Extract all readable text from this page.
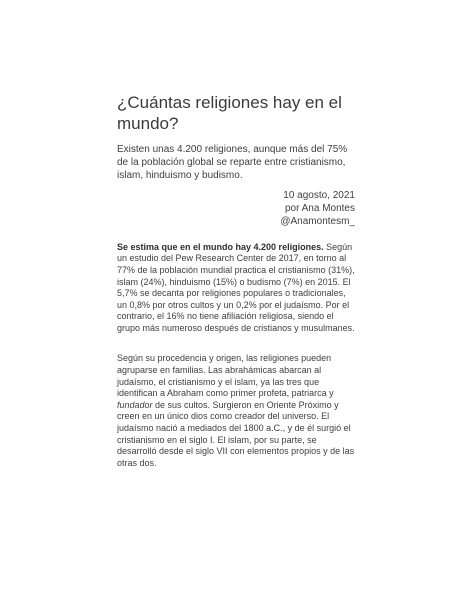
¿Cuántas religiones hay en el mundo?

Existen unas 4.200 religiones, aunque más del 75% de la población global se reparte entre cristianismo, islam, hinduismo y budismo.

10 agosto, 2021
por Ana Montes
@Anamontesm_

Se estima que en el mundo hay 4.200 religiones. Según un estudio del Pew Research Center de 2017, en torno al 77% de la población mundial practica el cristianismo (31%), islam (24%), hinduismo (15%) o budismo (7%) en 2015. El 5,7% se decanta por religiones populares o tradicionales, un 0,8% por otros cultos y un 0,2% por el judaísmo. Por el contrario, el 16% no tiene afiliación religiosa, siendo el grupo más numeroso después de cristianos y musulmanes.

Según su procedencia y origen, las religiones pueden agruparse en familias. Las abrahámicas abarcan al judaísmo, el cristianismo y el islam, ya las tres que identifican a Abraham como primer profeta, patriarca y fundador de sus cultos. Surgieron en Oriente Próximo y creen en un único dios como creador del universo. El judaísmo nació a mediados del 1800 a.C., y de él surgió el cristianismo en el siglo I. El islam, por su parte, se desarrolló desde el siglo VII con elementos propios y de las otras dos.
